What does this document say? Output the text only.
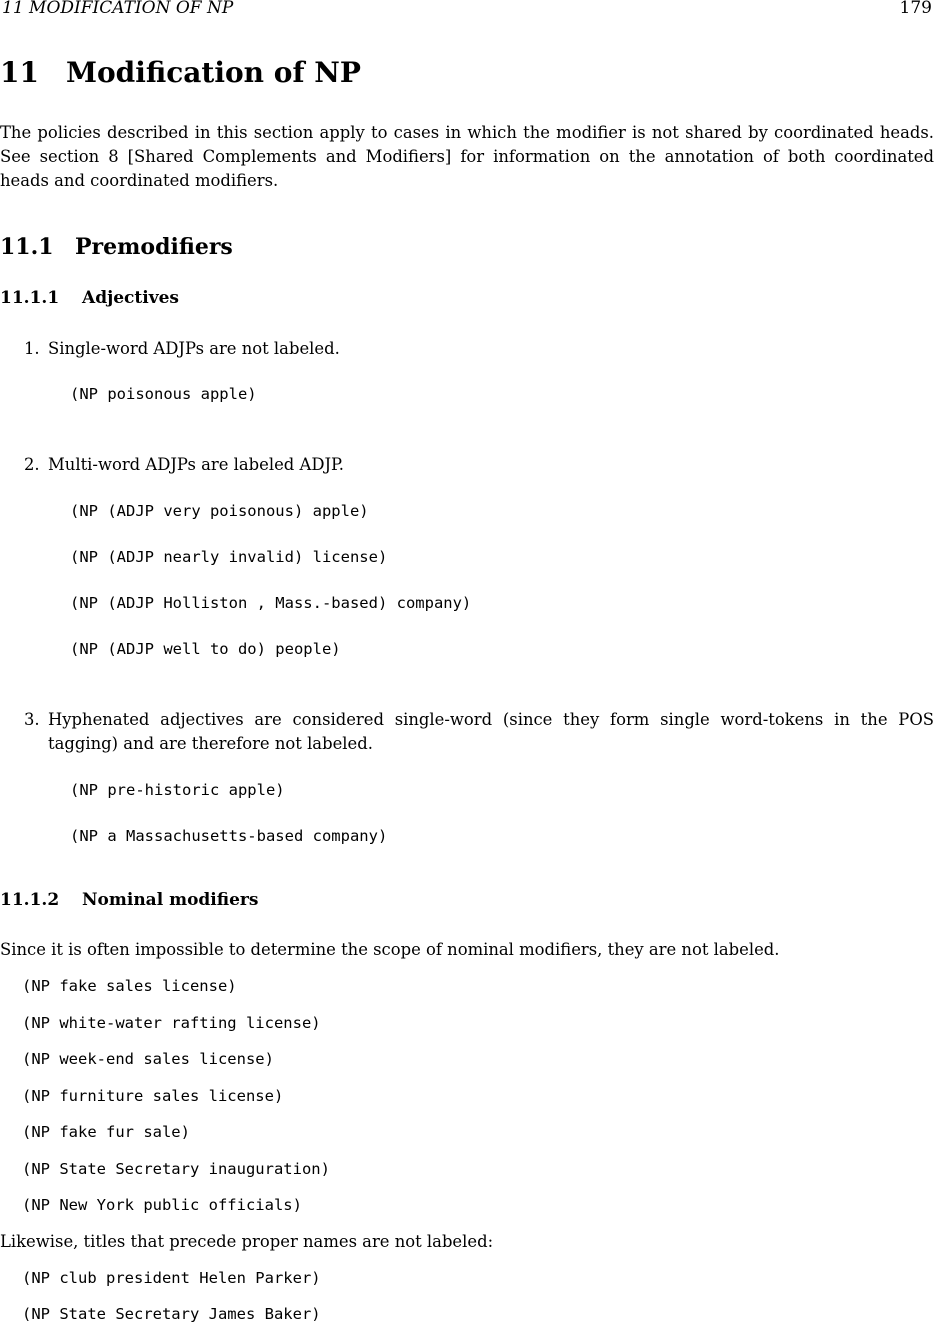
11 MODIFICATION OF NP	179
11 Modification of NP
The policies described in this section apply to cases in which the modifier is not shared by coordinated heads. See section 8 [Shared Complements and Modifiers] for information on the annotation of both coordinated heads and coordinated modifiers.
11.1 Premodifiers
11.1.1 Adjectives
1. Single-word ADJPs are not labeled.
(NP poisonous apple)
2. Multi-word ADJPs are labeled ADJP.
(NP (ADJP very poisonous) apple)
(NP (ADJP nearly invalid) license)
(NP (ADJP Holliston , Mass.-based) company)
(NP (ADJP well to do) people)
3. Hyphenated adjectives are considered single-word (since they form single word-tokens in the POS
tagging) and are therefore not labeled.
(NP pre-historic apple)
(NP a Massachusetts-based company)
11.1.2 Nominal modifiers
Since it is often impossible to determine the scope of nominal modifiers, they are not labeled.
(NP fake sales license)
(NP white-water rafting license)
(NP week-end sales license)
(NP furniture sales license)
(NP fake fur sale)
(NP State Secretary inauguration)
(NP New York public officials)
Likewise, titles that precede proper names are not labeled:
(NP club president Helen Parker)
(NP State Secretary James Baker)
